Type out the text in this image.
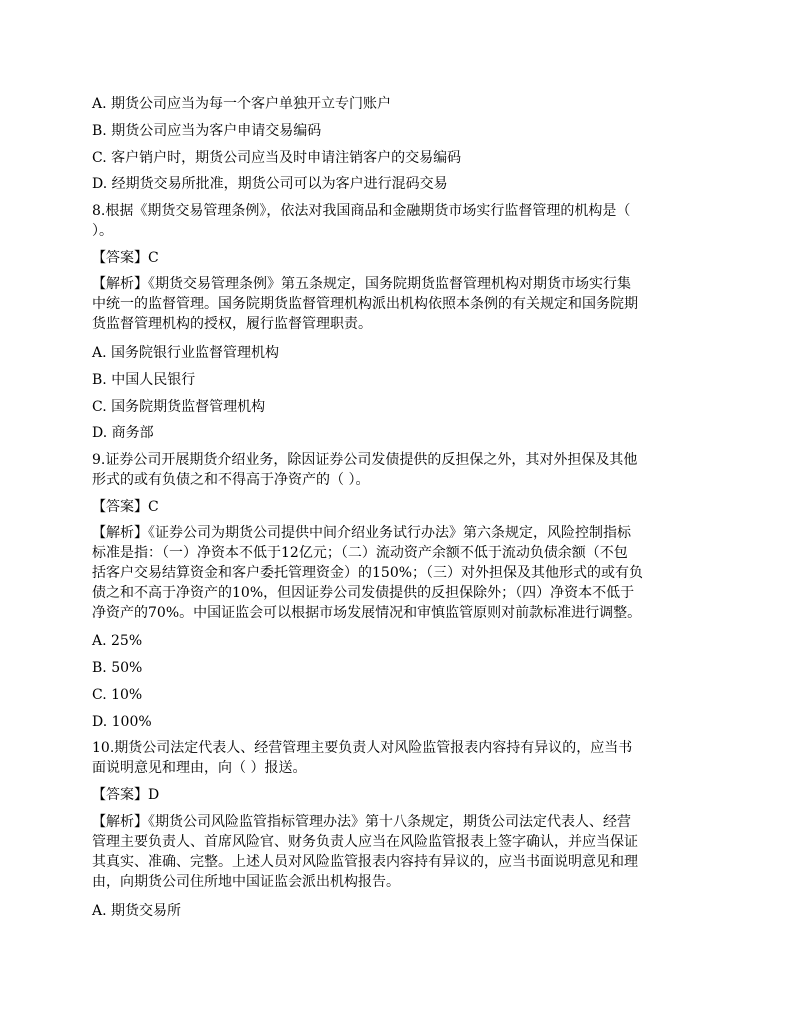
A. 期货公司应当为每一个客户单独开立专门账户
B. 期货公司应当为客户申请交易编码
C. 客户销户时，期货公司应当及时申请注销客户的交易编码
D. 经期货交易所批准，期货公司可以为客户进行混码交易
8.根据《期货交易管理条例》，依法对我国商品和金融期货市场实行监督管理的机构是（
）。
【答案】C
【解析】《期货交易管理条例》第五条规定，国务院期货监督管理机构对期货市场实行集
中统一的监督管理。国务院期货监督管理机构派出机构依照本条例的有关规定和国务院期
货监督管理机构的授权，履行监督管理职责。
A. 国务院银行业监督管理机构
B. 中国人民银行
C. 国务院期货监督管理机构
D. 商务部
9.证券公司开展期货介绍业务，除因证券公司发债提供的反担保之外，其对外担保及其他
形式的或有负债之和不得高于净资产的（ ）。
【答案】C
【解析】《证券公司为期货公司提供中间介绍业务试行办法》第六条规定，风险控制指标
标准是指：（一）净资本不低于12亿元；（二）流动资产余额不低于流动负债余额（不包
括客户交易结算资金和客户委托管理资金）的150%；（三）对外担保及其他形式的或有负
债之和不高于净资产的10%，但因证券公司发债提供的反担保除外；（四）净资本不低于
净资产的70%。中国证监会可以根据市场发展情况和审慎监管原则对前款标准进行调整。
A. 25%
B. 50%
C. 10%
D. 100%
10.期货公司法定代表人、经营管理主要负责人对风险监管报表内容持有异议的，应当书
面说明意见和理由，向（ ）报送。
【答案】D
【解析】《期货公司风险监管指标管理办法》第十八条规定，期货公司法定代表人、经营
管理主要负责人、首席风险官、财务负责人应当在风险监管报表上签字确认，并应当保证
其真实、准确、完整。上述人员对风险监管报表内容持有异议的，应当书面说明意见和理
由，向期货公司住所地中国证监会派出机构报告。
A. 期货交易所
